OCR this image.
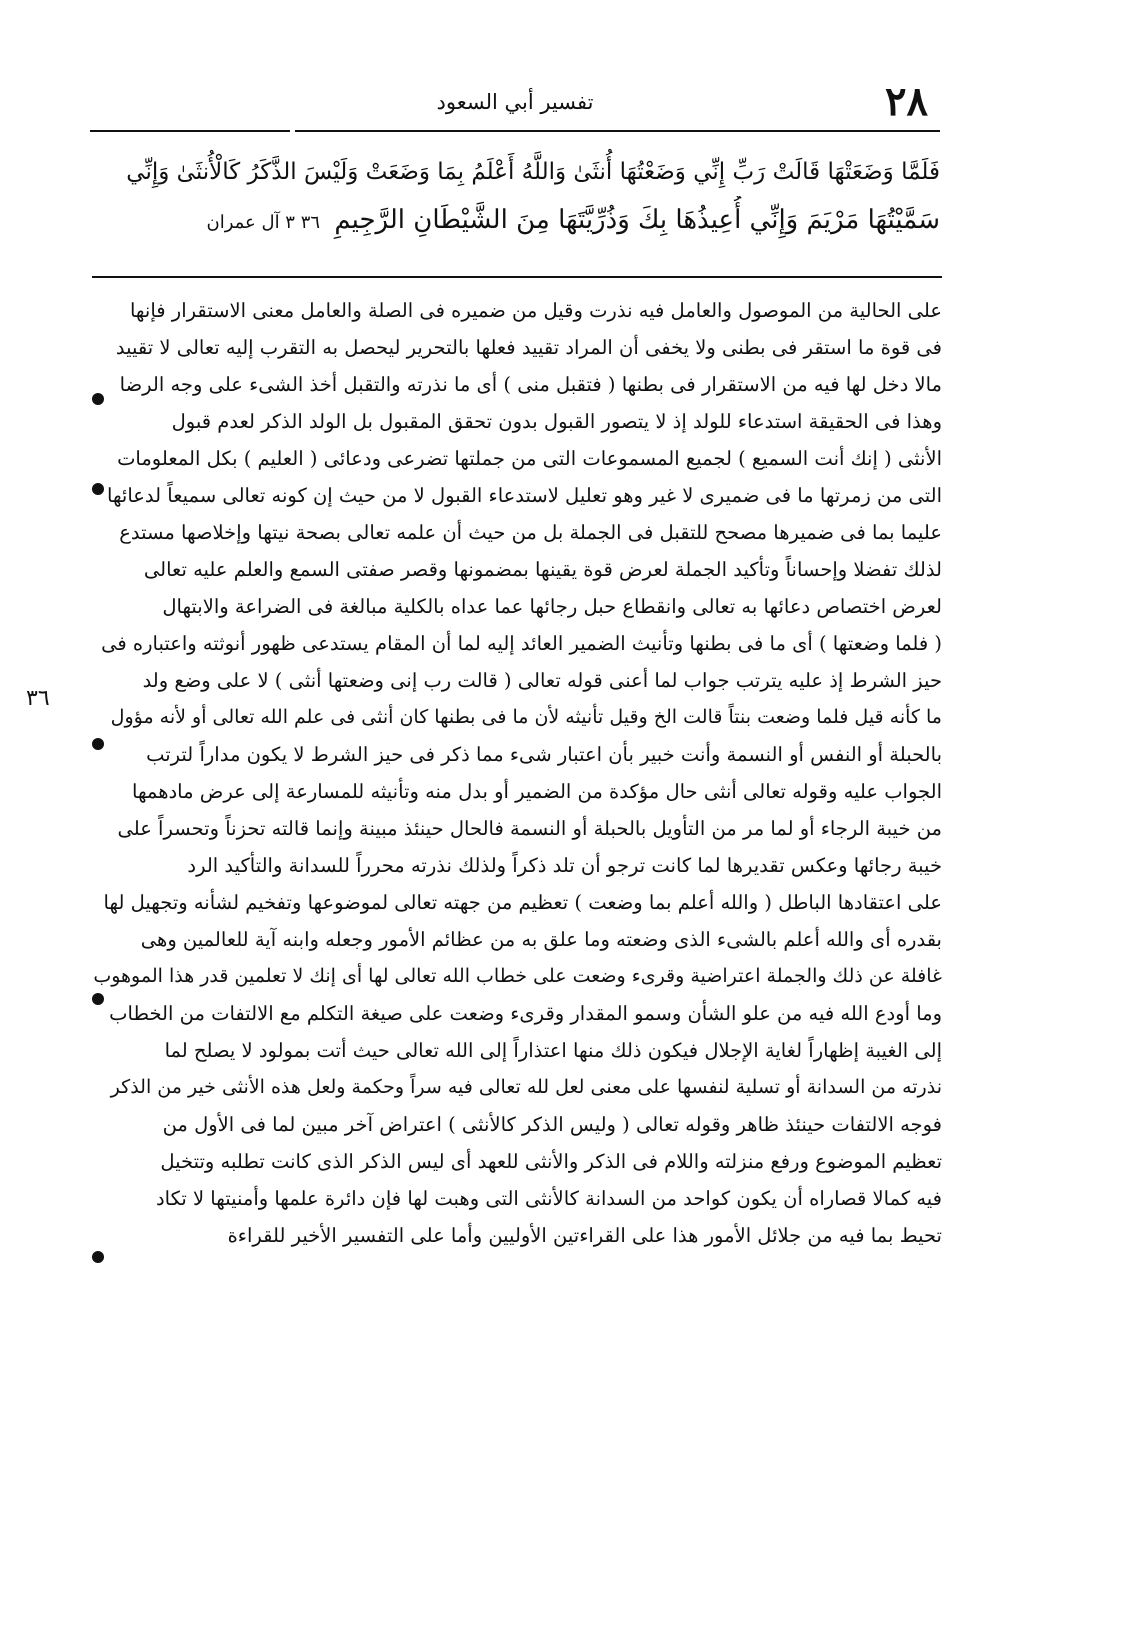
٢٨
تفسير أبي السعود
فَلَمَّا وَضَعَتْهَا قَالَتْ رَبِّ إِنِّي وَضَعْتُهَا أُنثَىٰ وَاللَّهُ أَعْلَمُ بِمَا وَضَعَتْ وَلَيْسَ الذَّكَرُ كَالْأُنثَىٰ وَإِنِّي
سَمَّيْتُهَا مَرْيَمَ وَإِنِّي أُعِيذُهَا بِكَ وَذُرِّيَّتَهَا مِنَ الشَّيْطَانِ الرَّجِيمِ ٣٦ ٣ آل عمران
٣٦
على الحالية من الموصول والعامل فيه نذرت وقيل من ضميره فى الصلة والعامل معنى الاستقرار فإنها
فى قوة ما استقر فى بطنى ولا يخفى أن المراد تقييد فعلها بالتحرير ليحصل به التقرب إليه تعالى لا تقييد
مالا دخل لها فيه من الاستقرار فى بطنها ( فتقبل منى ) أى ما نذرته والتقبل أخذ الشىء على وجه الرضا
وهذا فى الحقيقة استدعاء للولد إذ لا يتصور القبول بدون تحقق المقبول بل الولد الذكر لعدم قبول
الأنثى ( إنك أنت السميع ) لجميع المسموعات التى من جملتها تضرعى ودعائى ( العليم ) بكل المعلومات
التى من زمرتها ما فى ضميرى لا غير وهو تعليل لاستدعاء القبول لا من حيث إن كونه تعالى سميعاً لدعائها
عليما بما فى ضميرها مصحح للتقبل فى الجملة بل من حيث أن علمه تعالى بصحة نيتها وإخلاصها مستدع
لذلك تفضلا وإحساناً وتأكيد الجملة لعرض قوة يقينها بمضمونها وقصر صفتى السمع والعلم عليه تعالى
لعرض اختصاص دعائها به تعالى وانقطاع حبل رجائها عما عداه بالكلية مبالغة فى الضراعة والابتهال
( فلما وضعتها ) أى ما فى بطنها وتأنيث الضمير العائد إليه لما أن المقام يستدعى ظهور أنوثته واعتباره فى
حيز الشرط إذ عليه يترتب جواب لما أعنى قوله تعالى ( قالت رب إنى وضعتها أنثى ) لا على وضع ولد
ما كأنه قيل فلما وضعت بنتاً قالت الخ وقيل تأنيثه لأن ما فى بطنها كان أنثى فى علم الله تعالى أو لأنه مؤول
بالحبلة أو النفس أو النسمة وأنت خبير بأن اعتبار شىء مما ذكر فى حيز الشرط لا يكون مداراً لترتب
الجواب عليه وقوله تعالى أنثى حال مؤكدة من الضمير أو بدل منه وتأنيثه للمسارعة إلى عرض مادهمها
من خيبة الرجاء أو لما مر من التأويل بالحبلة أو النسمة فالحال حينئذ مبينة وإنما قالته تحزناً وتحسراً على
خيبة رجائها وعكس تقديرها لما كانت ترجو أن تلد ذكراً ولذلك نذرته محرراً للسدانة والتأكيد الرد
على اعتقادها الباطل ( والله أعلم بما وضعت ) تعظيم من جهته تعالى لموضوعها وتفخيم لشأنه وتجهيل لها
بقدره أى والله أعلم بالشىء الذى وضعته وما علق به من عظائم الأمور وجعله وابنه آية للعالمين وهى
غافلة عن ذلك والجملة اعتراضية وقرىء وضعت على خطاب الله تعالى لها أى إنك لا تعلمين قدر هذا الموهوب
وما أودع الله فيه من علو الشأن وسمو المقدار وقرىء وضعت على صيغة التكلم مع الالتفات من الخطاب
إلى الغيبة إظهاراً لغاية الإجلال فيكون ذلك منها اعتذاراً إلى الله تعالى حيث أتت بمولود لا يصلح لما
نذرته من السدانة أو تسلية لنفسها على معنى لعل لله تعالى فيه سراً وحكمة ولعل هذه الأنثى خير من الذكر
فوجه الالتفات حينئذ ظاهر وقوله تعالى ( وليس الذكر كالأنثى ) اعتراض آخر مبين لما فى الأول من
تعظيم الموضوع ورفع منزلته واللام فى الذكر والأنثى للعهد أى ليس الذكر الذى كانت تطلبه وتتخيل
فيه كمالا قصاراه أن يكون كواحد من السدانة كالأنثى التى وهبت لها فإن دائرة علمها وأمنيتها لا تكاد
تحيط بما فيه من جلائل الأمور هذا على القراءتين الأوليين وأما على التفسير الأخير للقراءة
